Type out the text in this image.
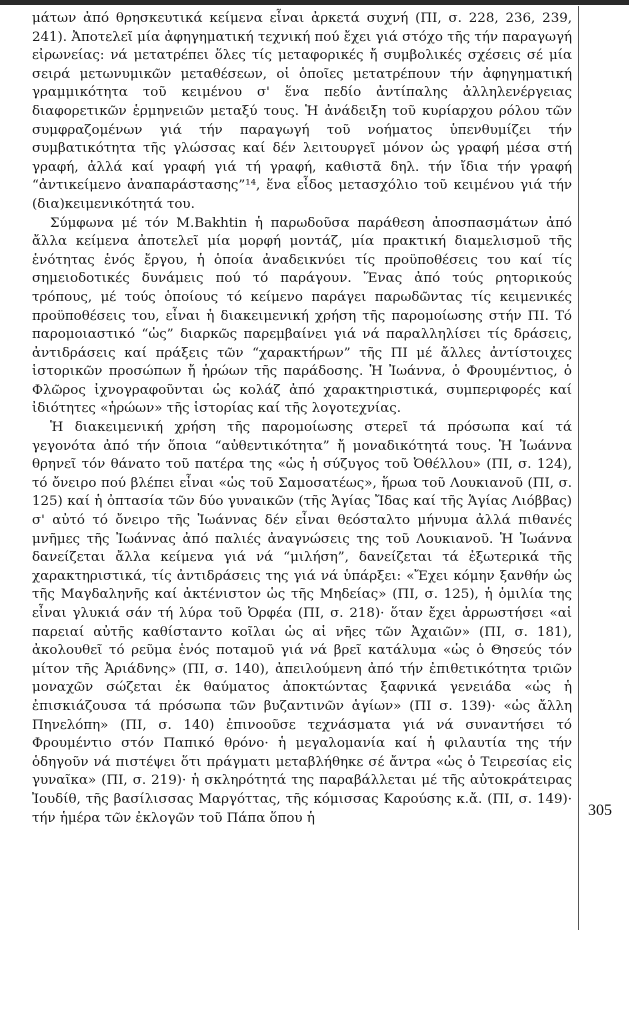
μάτων ἀπό θρησκευτικά κείμενα εἶναι ἀρκετά συχνή (ΠΙ, σ. 228, 236, 239, 241). Ἀποτελεῖ μία ἀφηγηματική τεχνική πού ἔχει γιά στόχο τῆς τήν παραγωγή εἰρωνείας: νά μετατρέπει ὅλες τίς μεταφορικές ἤ συμβολικές σχέσεις σέ μία σειρά μετωνυμικῶν μεταθέσεων, οἱ ὁποῖες μετατρέπουν τήν ἀφηγηματική γραμμικότητα τοῦ κειμένου σ' ἕνα πεδίο ἀντίπαλης ἀλληλενέργειας διαφορετικῶν ἑρμηνειῶν μεταξύ τους. Ἡ ἀνάδειξη τοῦ κυρίαρχου ρόλου τῶν συμφραζομένων γιά τήν παραγωγή τοῦ νοήματος ὑπενθυμίζει τήν συμβατικότητα τῆς γλώσσας καί δέν λειτουργεῖ μόνον ὡς γραφή μέσα στή γραφή, ἀλλά καί γραφή γιά τή γραφή, καθιστᾶ δηλ. τήν ἴδια τήν γραφή “ἀντικείμενο ἀναπαράστασης”¹⁴, ἕνα εἶδος μετασχόλιο τοῦ κειμένου γιά τήν (δια)κειμενικότητά του.

Σύμφωνα μέ τόν M.Bakhtin ἡ παρωδοῦσα παράθεση ἀποσπασμάτων ἀπό ἄλλα κείμενα ἀποτελεῖ μία μορφή μοντάζ, μία πρακτική διαμελισμοῦ τῆς ἑνότητας ἑνός ἔργου, ἡ ὁποία ἀναδεικνύει τίς προϋποθέσεις του καί τίς σημειοδοτικές δυνάμεις πού τό παράγουν. Ἕνας ἀπό τούς ρητορικούς τρόπους, μέ τούς ὁποίους τό κείμενο παράγει παρωδῶντας τίς κειμενικές προϋποθέσεις του, εἶναι ἡ διακειμενική χρήση τῆς παρομοίωσης στήν ΠΙ. Τό παρομοιαστικό “ὡς” διαρκῶς παρεμβαίνει γιά νά παραλληλίσει τίς δράσεις, ἀντιδράσεις καί πράξεις τῶν “χαρακτήρων” τῆς ΠΙ μέ ἄλλες ἀντίστοιχες ἱστορικῶν προσώπων ἤ ἡρώων τῆς παράδοσης. Ἡ Ἰωάννα, ὁ Φρουμέντιος, ὁ Φλῶρος ἰχνογραφοῦνται ὡς κολάζ ἀπό χαρακτηριστικά, συμπεριφορές καί ἰδιότητες «ἡρώων» τῆς ἱστορίας καί τῆς λογοτεχνίας.

Ἡ διακειμενική χρήση τῆς παρομοίωσης στερεῖ τά πρόσωπα καί τά γεγονότα ἀπό τήν ὅποια “αὐθεντικότητα” ἤ μοναδικότητά τους. Ἡ Ἰωάννα θρηνεῖ τόν θάνατο τοῦ πατέρα της «ὡς ἡ σύζυγος τοῦ Ὀθέλλου» (ΠΙ, σ. 124), τό ὄνειρο πού βλέπει εἶναι «ὡς τοῦ Σαμοσατέως», ἥρωα τοῦ Λουκιανοῦ (ΠΙ, σ. 125) καί ἡ ὀπτασία τῶν δύο γυναικῶν (τῆς Ἁγίας Ἴδας καί τῆς Ἁγίας Λιόββας) σ' αὐτό τό ὄνειρο τῆς Ἰωάννας δέν εἶναι θεόσταλτο μήνυμα ἀλλά πιθανές μνῆμες τῆς Ἰωάννας ἀπό παλιές ἀναγνώσεις της τοῦ Λουκιανοῦ. Ἡ Ἰωάννα δανείζεται ἄλλα κείμενα γιά νά “μιλήση”, δανείζεται τά ἐξωτερικά τῆς χαρακτηριστικά, τίς ἀντιδράσεις της γιά νά ὑπάρξει: «Ἔχει κόμην ξανθήν ὡς τῆς Μαγδαληνῆς καί ἀκτένιστον ὡς τῆς Μηδείας» (ΠΙ, σ. 125), ἡ ὁμιλία της εἶναι γλυκιά σάν τή λύρα τοῦ Ὀρφέα (ΠΙ, σ. 218)· ὅταν ἔχει ἀρρωστήσει «αἱ παρειαί αὐτῆς καθίσταντο κοῖλαι ὡς αἱ νῆες τῶν Ἀχαιῶν» (ΠΙ, σ. 181), ἀκολουθεῖ τό ρεῦμα ἑνός ποταμοῦ γιά νά βρεῖ κατάλυμα «ὡς ὁ Θησεύς τόν μίτον τῆς Ἀριάδνης» (ΠΙ, σ. 140), ἀπειλούμενη ἀπό τήν ἐπιθετικότητα τριῶν μοναχῶν σώζεται ἐκ θαύματος ἀποκτώντας ξαφνικά γενειάδα «ὡς ἡ ἐπισκιάζουσα τά πρόσωπα τῶν βυζαντινῶν ἁγίων» (ΠΙ σ. 139)· «ὡς ἄλλη Πηνελόπη» (ΠΙ, σ. 140) ἐπινοοῦσε τεχνάσματα γιά νά συναντήσει τό Φρουμέντιο στόν Παπικό θρόνο· ἡ μεγαλομανία καί ἡ φιλαυτία της τήν ὁδηγοῦν νά πιστέψει ὅτι πράγματι μεταβλήθηκε σέ ἄντρα «ὡς ὁ Τειρεσίας εἰς γυναῖκα» (ΠΙ, σ. 219)· ἡ σκληρότητά της παραβάλλεται μέ τῆς αὐτοκράτειρας Ἰουδίθ, τῆς βασίλισσας Μαργόττας, τῆς κόμισσας Καρούσης κ.ἄ. (ΠΙ, σ. 149)· τήν ἡμέρα τῶν ἐκλογῶν τοῦ Πάπα ὅπου ἡ	305
